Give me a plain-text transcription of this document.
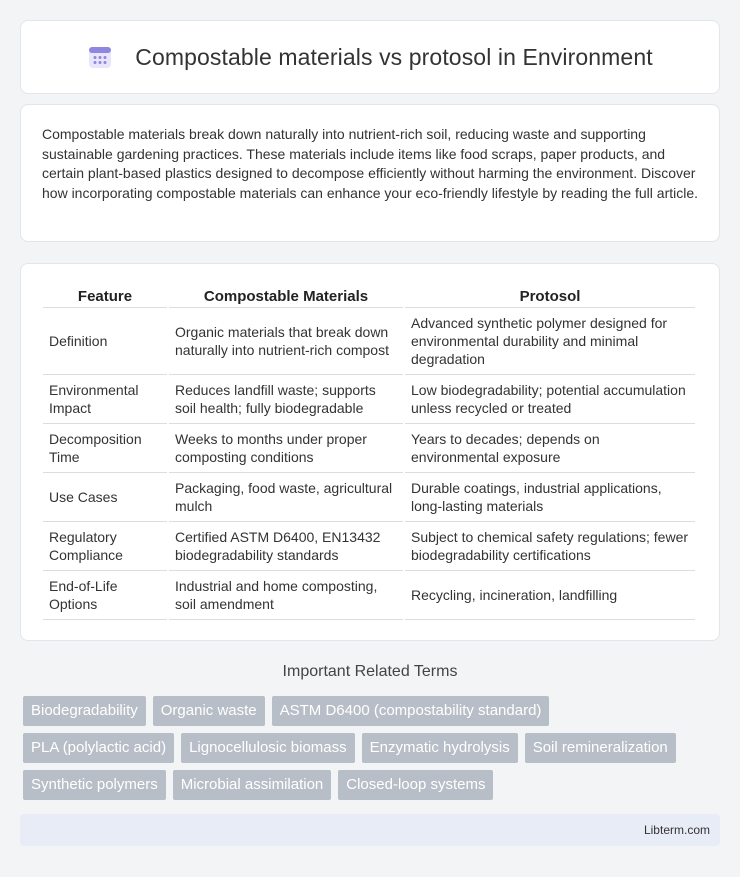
Compostable materials vs protosol in Environment

Compostable materials break down naturally into nutrient-rich soil, reducing waste and supporting sustainable gardening practices. These materials include items like food scraps, paper products, and certain plant-based plastics designed to decompose efficiently without harming the environment. Discover how incorporating compostable materials can enhance your eco-friendly lifestyle by reading the full article.

Feature	Compostable Materials	Protosol
Definition	Organic materials that break down naturally into nutrient-rich compost	Advanced synthetic polymer designed for environmental durability and minimal degradation
Environmental Impact	Reduces landfill waste; supports soil health; fully biodegradable	Low biodegradability; potential accumulation unless recycled or treated
Decomposition Time	Weeks to months under proper composting conditions	Years to decades; depends on environmental exposure
Use Cases	Packaging, food waste, agricultural mulch	Durable coatings, industrial applications, long-lasting materials
Regulatory Compliance	Certified ASTM D6400, EN13432 biodegradability standards	Subject to chemical safety regulations; fewer biodegradability certifications
End-of-Life Options	Industrial and home composting, soil amendment	Recycling, incineration, landfilling
Important Related Terms
Biodegradability	Organic waste	ASTM D6400 (compostability standard)
PLA (polylactic acid)	Lignocellulosic biomass	Enzymatic hydrolysis	Soil remineralization
Synthetic polymers	Microbial assimilation	Closed-loop systems
Libterm.com
